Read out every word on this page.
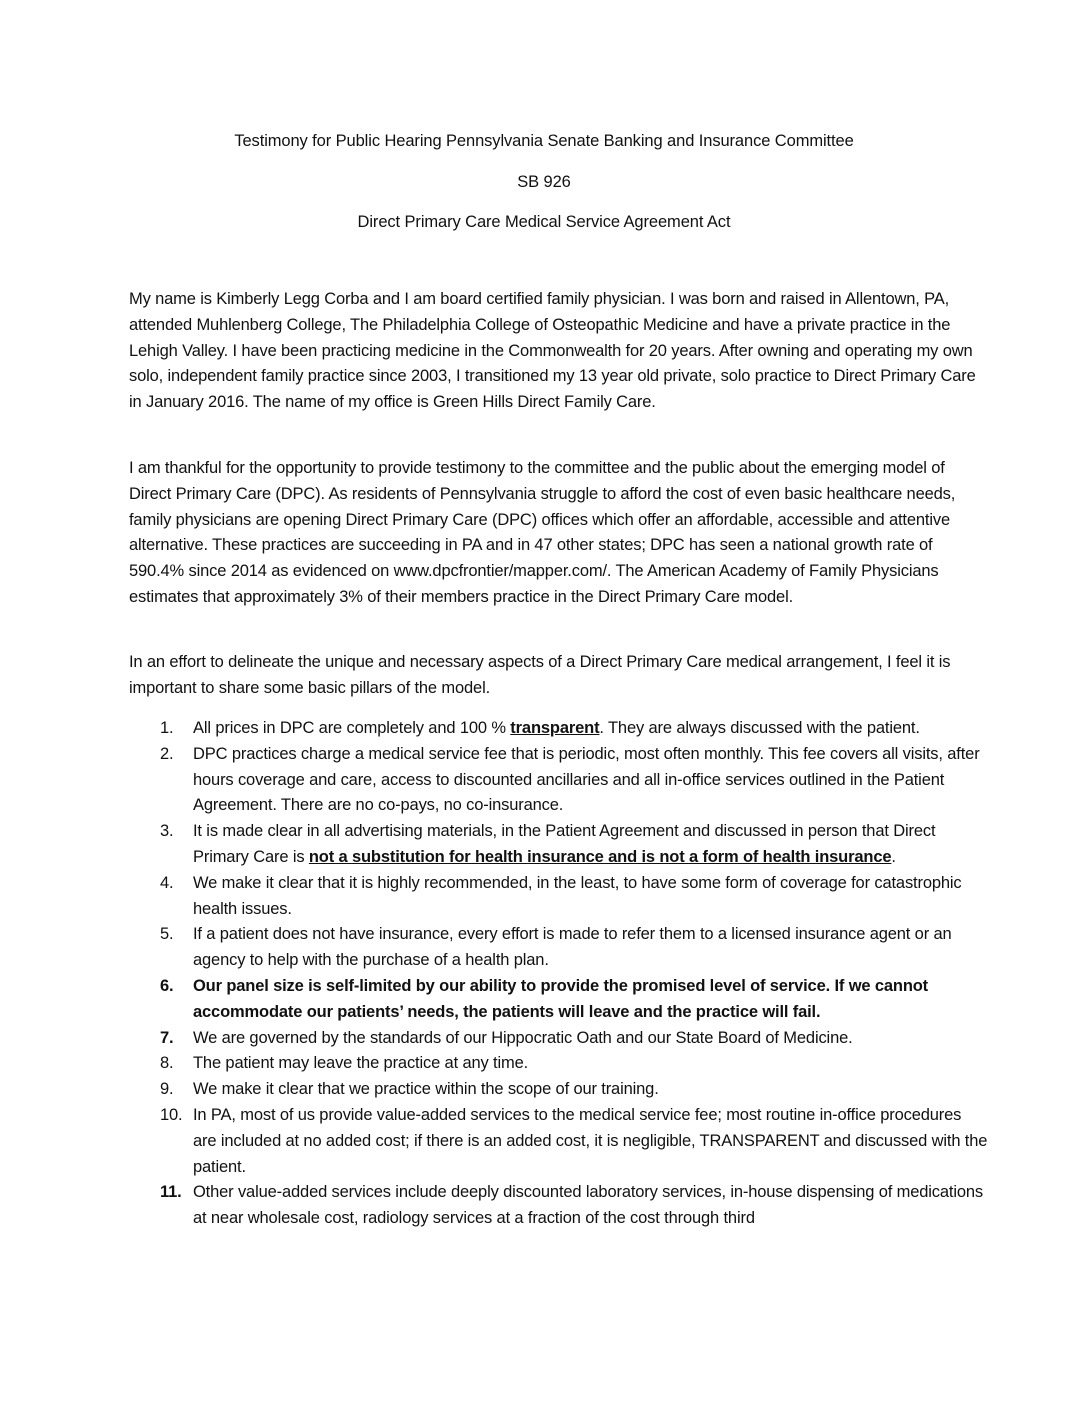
Testimony for Public Hearing Pennsylvania Senate Banking and Insurance Committee
SB 926
Direct Primary Care Medical Service Agreement Act

My name is Kimberly Legg Corba and I am board certified family physician. I was born and raised in Allentown, PA, attended Muhlenberg College, The Philadelphia College of Osteopathic Medicine and have a private practice in the Lehigh Valley. I have been practicing medicine in the Commonwealth for 20 years. After owning and operating my own solo, independent family practice since 2003, I transitioned my 13 year old private, solo practice to Direct Primary Care in January 2016. The name of my office is Green Hills Direct Family Care.

I am thankful for the opportunity to provide testimony to the committee and the public about the emerging model of Direct Primary Care (DPC). As residents of Pennsylvania struggle to afford the cost of even basic healthcare needs, family physicians are opening Direct Primary Care (DPC) offices which offer an affordable, accessible and attentive alternative. These practices are succeeding in PA and in 47 other states; DPC has seen a national growth rate of 590.4% since 2014 as evidenced on www.dpcfrontier/mapper.com/. The American Academy of Family Physicians estimates that approximately 3% of their members practice in the Direct Primary Care model.

In an effort to delineate the unique and necessary aspects of a Direct Primary Care medical arrangement, I feel it is important to share some basic pillars of the model.

1. All prices in DPC are completely and 100 % transparent. They are always discussed with the patient.
2. DPC practices charge a medical service fee that is periodic, most often monthly. This fee covers all visits, after hours coverage and care, access to discounted ancillaries and all in-office services outlined in the Patient Agreement. There are no co-pays, no co-insurance.
3. It is made clear in all advertising materials, in the Patient Agreement and discussed in person that Direct Primary Care is not a substitution for health insurance and is not a form of health insurance.
4. We make it clear that it is highly recommended, in the least, to have some form of coverage for catastrophic health issues.
5. If a patient does not have insurance, every effort is made to refer them to a licensed insurance agent or an agency to help with the purchase of a health plan.
6. Our panel size is self-limited by our ability to provide the promised level of service. If we cannot accommodate our patients’ needs, the patients will leave and the practice will fail.
7. We are governed by the standards of our Hippocratic Oath and our State Board of Medicine.
8. The patient may leave the practice at any time.
9. We make it clear that we practice within the scope of our training.
10. In PA, most of us provide value-added services to the medical service fee; most routine in-office procedures are included at no added cost; if there is an added cost, it is negligible, TRANSPARENT and discussed with the patient.
11. Other value-added services include deeply discounted laboratory services, in-house dispensing of medications at near wholesale cost, radiology services at a fraction of the cost through third
